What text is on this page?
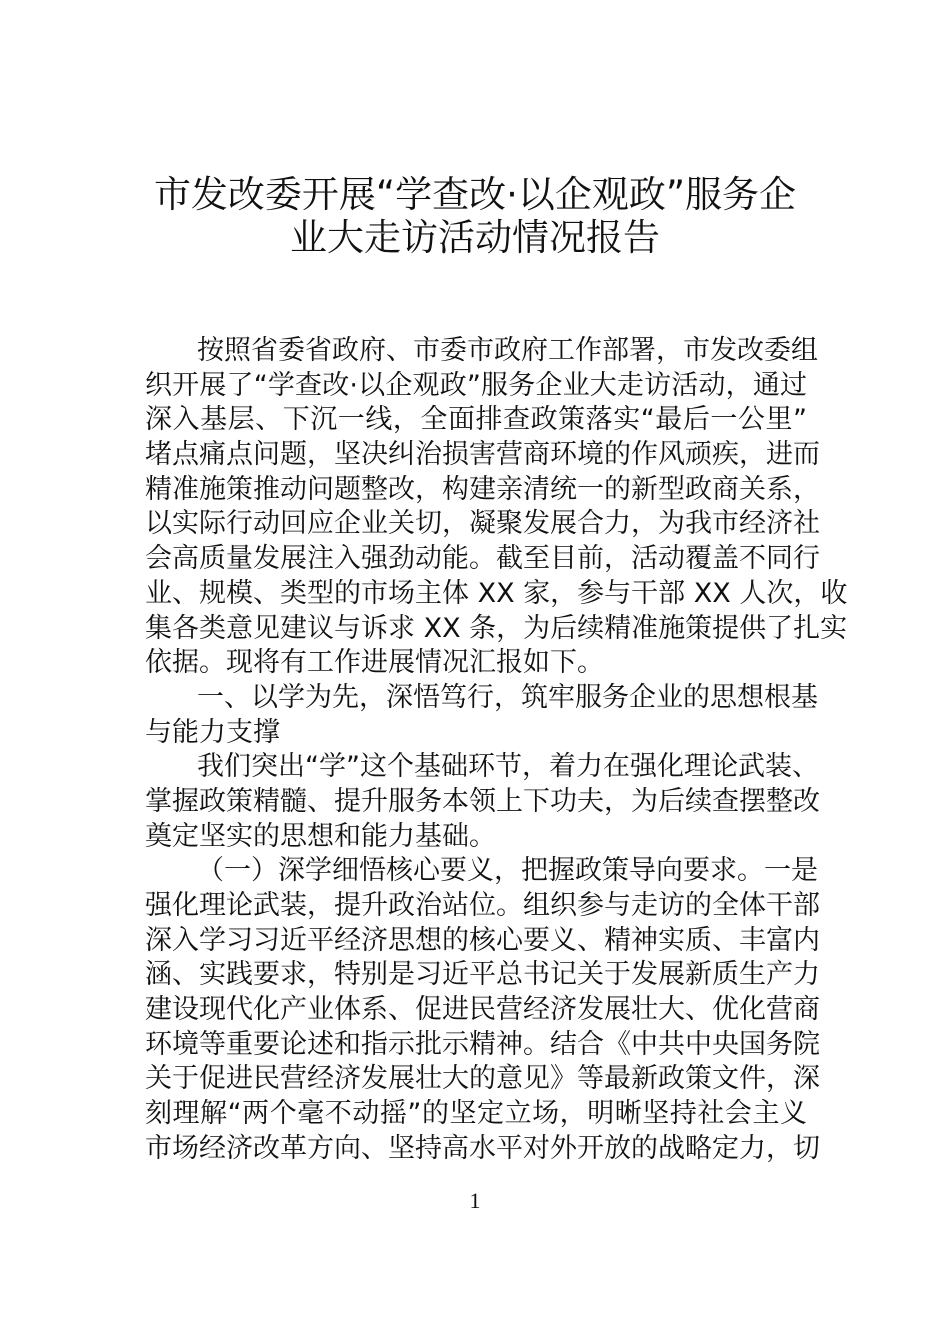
市发改委开展“学查改·以企观政”服务企
业大走访活动情况报告
按照省委省政府、市委市政府工作部署，市发改委组
织开展了“学查改·以企观政”服务企业大走访活动，通过
深入基层、下沉一线，全面排查政策落实“最后一公里”
堵点痛点问题，坚决纠治损害营商环境的作风顽疾，进而
精准施策推动问题整改，构建亲清统一的新型政商关系，
以实际行动回应企业关切，凝聚发展合力，为我市经济社
会高质量发展注入强劲动能。截至目前，活动覆盖不同行
业、规模、类型的市场主体 XX 家，参与干部 XX 人次，收
集各类意见建议与诉求 XX 条，为后续精准施策提供了扎实
依据。现将有工作进展情况汇报如下。
一、以学为先，深悟笃行，筑牢服务企业的思想根基
与能力支撑
我们突出“学”这个基础环节，着力在强化理论武装、
掌握政策精髓、提升服务本领上下功夫，为后续查摆整改
奠定坚实的思想和能力基础。
（一）深学细悟核心要义，把握政策导向要求。一是
强化理论武装，提升政治站位。组织参与走访的全体干部
深入学习习近平经济思想的核心要义、精神实质、丰富内
涵、实践要求，特别是习近平总书记关于发展新质生产力
建设现代化产业体系、促进民营经济发展壮大、优化营商
环境等重要论述和指示批示精神。结合《中共中央国务院
关于促进民营经济发展壮大的意见》等最新政策文件，深
刻理解“两个毫不动摇”的坚定立场，明晰坚持社会主义
市场经济改革方向、坚持高水平对外开放的战略定力，切
1
